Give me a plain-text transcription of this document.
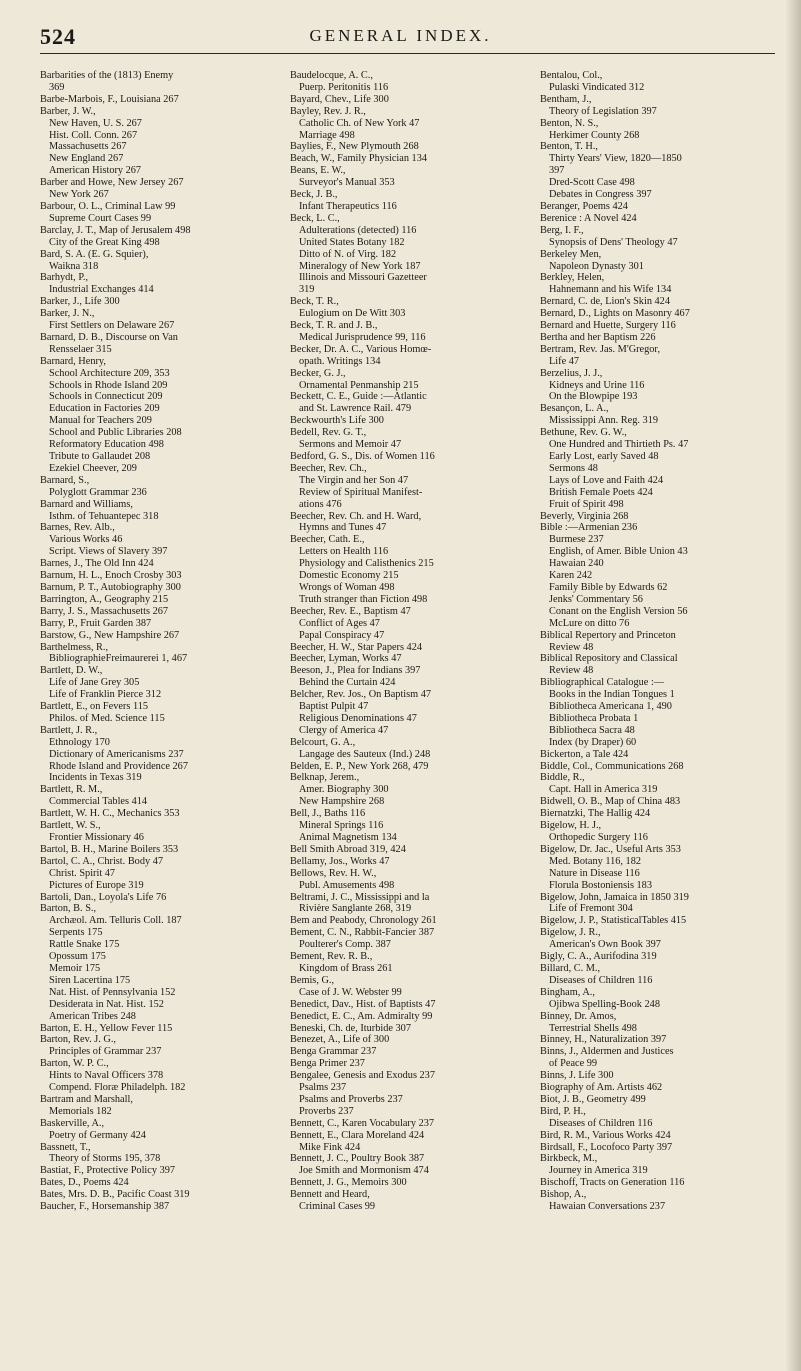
524	GENERAL INDEX.
Barbarities of the (1813) Enemy
369
Barbe-Marbois, F., Louisiana 267
Barber, J. W.,
New Haven, U. S. 267
Hist. Coll. Conn. 267
Massachusetts 267
New England 267
American History 267
Barber and Howe, New Jersey 267
New York 267
Barbour, O. L., Criminal Law 99
Supreme Court Cases 99
Barclay, J. T., Map of Jerusalem 498
City of the Great King 498
Bard, S. A. (E. G. Squier),
Waikna 318
Barhydt, P.,
Industrial Exchanges 414
Barker, J., Life 300
Barker, J. N.,
First Settlers on Delaware 267
Barnard, D. B., Discourse on Van
Rensselaer 315
Barnard, Henry,
School Architecture 209, 353
Schools in Rhode Island 209
Schools in Connecticut 209
Education in Factories 209
Manual for Teachers 209
School and Public Libraries 208
Reformatory Education 498
Tribute to Gallaudet 208
Ezekiel Cheever, 209
Barnard, S.,
Polyglott Grammar 236
Barnard and Williams,
Isthm. of Tehuantepec 318
Barnes, Rev. Alb.,
Various Works 46
Script. Views of Slavery 397
Barnes, J., The Old Inn 424
Barnum, H. L., Enoch Crosby 303
Barnum, P. T., Autobiography 300
Barrington, A., Geography 215
Barry, J. S., Massachusetts 267
Barry, P., Fruit Garden 387
Barstow, G., New Hampshire 267
Barthelmess, R.,
BibliographieFreimaurerei 1, 467
Bartlett, D. W.,
Life of Jane Grey 305
Life of Franklin Pierce 312
Bartlett, E., on Fevers 115
Philos. of Med. Science 115
Bartlett, J. R.,
Ethnology 170
Dictionary of Americanisms 237
Rhode Island and Providence 267
Incidents in Texas 319
Bartlett, R. M.,
Commercial Tables 414
Bartlett, W. H. C., Mechanics 353
Bartlett, W. S.,
Frontier Missionary 46
Bartol, B. H., Marine Boilers 353
Bartol, C. A., Christ. Body 47
Christ. Spirit 47
Pictures of Europe 319
Bartoli, Dan., Loyola's Life 76
Barton, B. S.,
Archæol. Am. Telluris Coll. 187
Serpents 175
Rattle Snake 175
Opossum 175
Memoir 175
Siren Lacertina 175
Nat. Hist. of Pennsylvania 152
Desiderata in Nat. Hist. 152
American Tribes 248
Barton, E. H., Yellow Fever 115
Barton, Rev. J. G.,
Principles of Grammar 237
Barton, W. P. C.,
Hints to Naval Officers 378
Compend. Floræ Philadelph. 182
Bartram and Marshall,
Memorials 182
Baskerville, A.,
Poetry of Germany 424
Bassnett, T.,
Theory of Storms 195, 378
Bastiat, F., Protective Policy 397
Bates, D., Poems 424
Bates, Mrs. D. B., Pacific Coast 319
Baucher, F., Horsemanship 387
Baudelocque, A. C.,
Puerp. Peritonitis 116
Bayard, Chev., Life 300
Bayley, Rev. J. R.,
Catholic Ch. of New York 47
Marriage 498
Baylies, F., New Plymouth 268
Beach, W., Family Physician 134
Beans, E. W.,
Surveyor's Manual 353
Beck, J. B.,
Infant Therapeutics 116
Beck, L. C.,
Adulterations (detected) 116
United States Botany 182
Ditto of N. of Virg. 182
Mineralogy of New York 187
Illinois and Missouri Gazetteer
319
Beck, T. R.,
Eulogium on De Witt 303
Beck, T. R. and J. B.,
Medical Jurisprudence 99, 116
Becker, Dr. A. C., Various Homœ-
opath. Writings 134
Becker, G. J.,
Ornamental Penmanship 215
Beckett, C. E., Guide :—Atlantic
and St. Lawrence Rail. 479
Beckwourth's Life 300
Bedell, Rev. G. T.,
Sermons and Memoir 47
Bedford, G. S., Dis. of Women 116
Beecher, Rev. Ch.,
The Virgin and her Son 47
Review of Spiritual Manifest-
ations 476
Beecher, Rev. Ch. and H. Ward,
Hymns and Tunes 47
Beecher, Cath. E.,
Letters on Health 116
Physiology and Calisthenics 215
Domestic Economy 215
Wrongs of Woman 498
Truth stranger than Fiction 498
Beecher, Rev. E., Baptism 47
Conflict of Ages 47
Papal Conspiracy 47
Beecher, H. W., Star Papers 424
Beecher, Lyman, Works 47
Beeson, J., Plea for Indians 397
Behind the Curtain 424
Belcher, Rev. Jos., On Baptism 47
Baptist Pulpit 47
Religious Denominations 47
Clergy of America 47
Belcourt, G. A.,
Langage des Sauteux (Ind.) 248
Belden, E. P., New York 268, 479
Belknap, Jerem.,
Amer. Biography 300
New Hampshire 268
Bell, J., Baths 116
Mineral Springs 116
Animal Magnetism 134
Bell Smith Abroad 319, 424
Bellamy, Jos., Works 47
Bellows, Rev. H. W.,
Publ. Amusements 498
Beltrami, J. C., Mississippi and la
Rivière Sanglante 268, 319
Bem and Peabody, Chronology 261
Bement, C. N., Rabbit-Fancier 387
Poulterer's Comp. 387
Bement, Rev. R. B.,
Kingdom of Brass 261
Bemis, G.,
Case of J. W. Webster 99
Benedict, Dav., Hist. of Baptists 47
Benedict, E. C., Am. Admiralty 99
Beneski, Ch. de, Iturbide 307
Benezet, A., Life of 300
Benga Grammar 237
Benga Primer 237
Bengalee, Genesis and Exodus 237
Psalms 237
Psalms and Proverbs 237
Proverbs 237
Bennett, C., Karen Vocabulary 237
Bennett, E., Clara Moreland 424
Mike Fink 424
Bennett, J. C., Poultry Book 387
Joe Smith and Mormonism 474
Bennett, J. G., Memoirs 300
Bennett and Heard,
Criminal Cases 99
Bentalou, Col.,
Pulaski Vindicated 312
Bentham, J.,
Theory of Legislation 397
Benton, N. S.,
Herkimer County 268
Benton, T. H.,
Thirty Years' View, 1820—1850
397
Dred-Scott Case 498
Debates in Congress 397
Beranger, Poems 424
Berenice : A Novel 424
Berg, I. F.,
Synopsis of Dens' Theology 47
Berkeley Men,
Napoleon Dynasty 301
Berkley, Helen,
Hahnemann and his Wife 134
Bernard, C. de, Lion's Skin 424
Bernard, D., Lights on Masonry 467
Bernard and Huette, Surgery 116
Bertha and her Baptism 226
Bertram, Rev. Jas. M'Gregor,
Life 47
Berzelius, J. J.,
Kidneys and Urine 116
On the Blowpipe 193
Besançon, L. A.,
Mississippi Ann. Reg. 319
Bethune, Rev. G. W.,
One Hundred and Thirtieth Ps. 47
Early Lost, early Saved 48
Sermons 48
Lays of Love and Faith 424
British Female Poets 424
Fruit of Spirit 498
Beverly, Virginia 268
Bible :—Armenian 236
Burmese 237
English, of Amer. Bible Union 43
Hawaian 240
Karen 242
Family Bible by Edwards 62
Jenks' Commentary 56
Conant on the English Version 56
McLure on ditto 76
Biblical Repertory and Princeton
Review 48
Biblical Repository and Classical
Review 48
Bibliographical Catalogue :—
Books in the Indian Tongues 1
Bibliotheca Americana 1, 490
Bibliotheca Probata 1
Bibliotheca Sacra 48
Index (by Draper) 60
Bickerton, a Tale 424
Biddle, Col., Communications 268
Biddle, R.,
Capt. Hall in America 319
Bidwell, O. B., Map of China 483
Biernatzki, The Hallig 424
Bigelow, H. J.,
Orthopedic Surgery 116
Bigelow, Dr. Jac., Useful Arts 353
Med. Botany 116, 182
Nature in Disease 116
Florula Bostoniensis 183
Bigelow, John, Jamaica in 1850 319
Life of Fremont 304
Bigelow, J. P., StatisticalTables 415
Bigelow, J. R.,
American's Own Book 397
Bigly, C. A., Aurifodina 319
Billard, C. M.,
Diseases of Children 116
Bingham, A.,
Ojibwa Spelling-Book 248
Binney, Dr. Amos,
Terrestrial Shells 498
Binney, H., Naturalization 397
Binns, J., Aldermen and Justices
of Peace 99
Binns, J. Life 300
Biography of Am. Artists 462
Biot, J. B., Geometry 499
Bird, P. H.,
Diseases of Children 116
Bird, R. M., Various Works 424
Birdsall, F., Locofoco Party 397
Birkbeck, M.,
Journey in America 319
Bischoff, Tracts on Generation 116
Bishop, A.,
Hawaian Conversations 237
